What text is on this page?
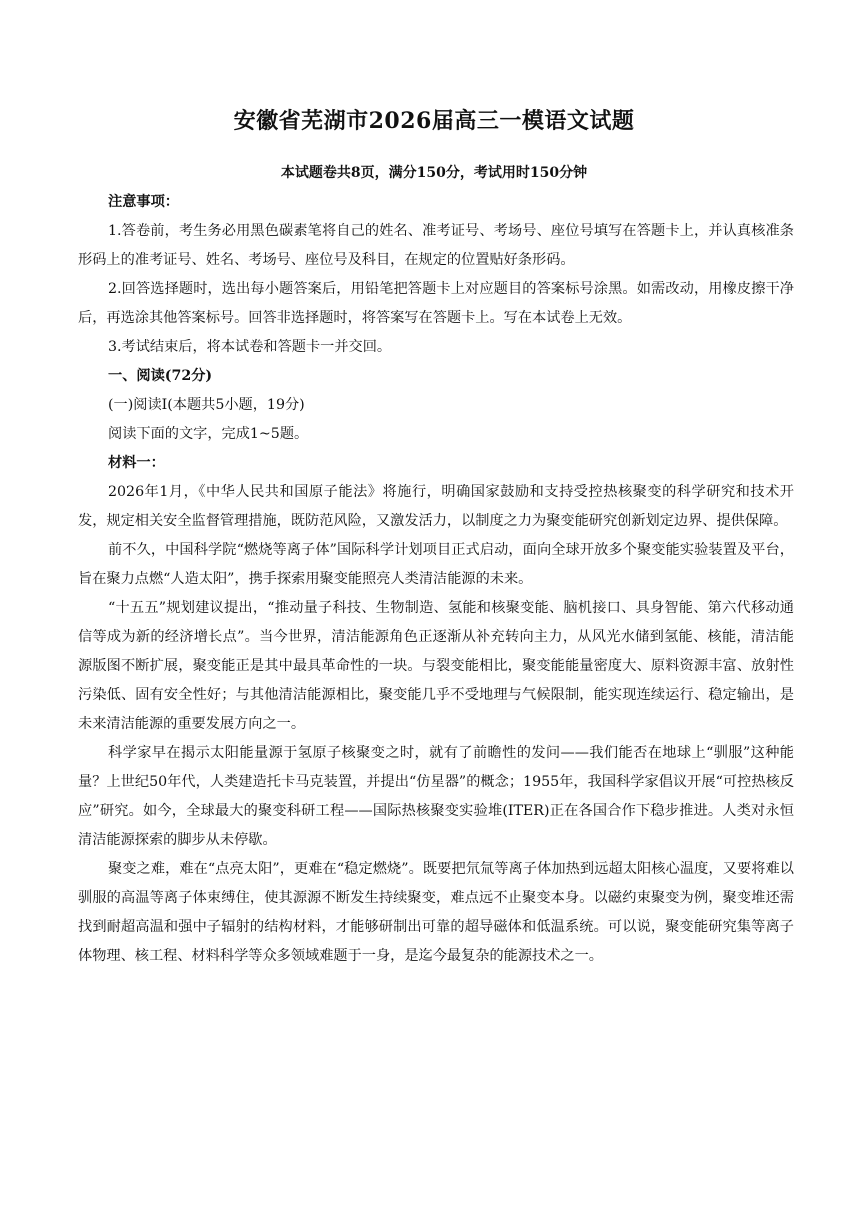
安徽省芜湖市2026届高三一模语文试题
本试题卷共8页，满分150分，考试用时150分钟

注意事项：

1.答卷前，考生务必用黑色碳素笔将自己的姓名、准考证号、考场号、座位号填写在答题卡上，并认真核准条形码上的准考证号、姓名、考场号、座位号及科目，在规定的位置贴好条形码。

2.回答选择题时，选出每小题答案后，用铅笔把答题卡上对应题目的答案标号涂黑。如需改动，用橡皮擦干净后，再选涂其他答案标号。回答非选择题时，将答案写在答题卡上。写在本试卷上无效。

3.考试结束后，将本试卷和答题卡一并交回。

一、阅读(72分)

(一)阅读I(本题共5小题，19分)

阅读下面的文字，完成1~5题。

材料一：

2026年1月，《中华人民共和国原子能法》将施行，明确国家鼓励和支持受控热核聚变的科学研究和技术开发，规定相关安全监督管理措施，既防范风险，又激发活力，以制度之力为聚变能研究创新划定边界、提供保障。

前不久，中国科学院“燃烧等离子体”国际科学计划项目正式启动，面向全球开放多个聚变能实验装置及平台，旨在聚力点燃“人造太阳”，携手探索用聚变能照亮人类清洁能源的未来。

“十五五”规划建议提出，“推动量子科技、生物制造、氢能和核聚变能、脑机接口、具身智能、第六代移动通信等成为新的经济增长点”。当今世界，清洁能源角色正逐渐从补充转向主力，从风光水储到氢能、核能，清洁能源版图不断扩展，聚变能正是其中最具革命性的一块。与裂变能相比，聚变能能量密度大、原料资源丰富、放射性污染低、固有安全性好；与其他清洁能源相比，聚变能几乎不受地理与气候限制，能实现连续运行、稳定输出，是未来清洁能源的重要发展方向之一。

科学家早在揭示太阳能量源于氢原子核聚变之时，就有了前瞻性的发问——我们能否在地球上“驯服”这种能量？上世纪50年代，人类建造托卡马克装置，并提出“仿星器”的概念；1955年，我国科学家倡议开展“可控热核反应”研究。如今，全球最大的聚变科研工程——国际热核聚变实验堆(ITER)正在各国合作下稳步推进。人类对永恒清洁能源探索的脚步从未停歇。

聚变之难，难在“点亮太阳”，更难在“稳定燃烧”。既要把氘氚等离子体加热到远超太阳核心温度，又要将难以驯服的高温等离子体束缚住，使其源源不断发生持续聚变，难点远不止聚变本身。以磁约束聚变为例，聚变堆还需找到耐超高温和强中子辐射的结构材料，才能够研制出可靠的超导磁体和低温系统。可以说，聚变能研究集等离子体物理、核工程、材料科学等众多领域难题于一身，是迄今最复杂的能源技术之一。
